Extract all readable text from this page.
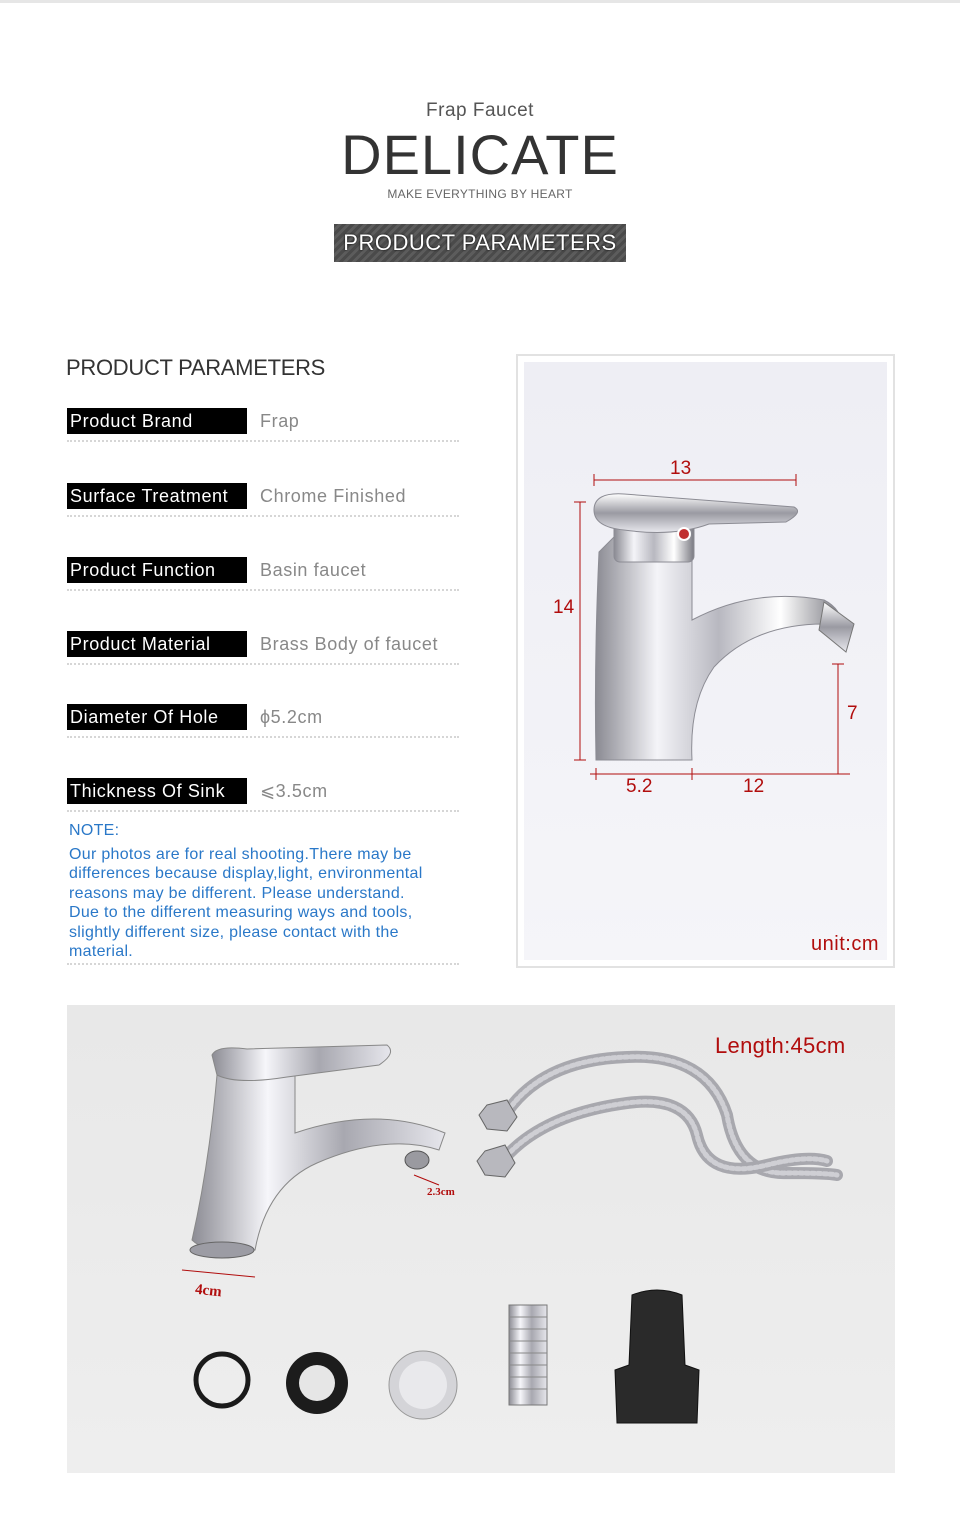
Frap Faucet
DELICATE
MAKE EVERYTHING BY HEART
PRODUCT PARAMETERS
PRODUCT PARAMETERS
Product Brand	Frap
Surface Treatment	Chrome Finished
Product Function	Basin faucet
Product Material	Brass Body of faucet
Diameter Of Hole	ϕ5.2cm
Thickness Of Sink	⩽3.5cm
NOTE:
Our photos are for real shooting.There may be
differences because display,light, environmental
reasons may be different. Please understand.
Due to the different measuring ways and tools,
slightly different size, please contact with the
material.
13
14
7
5.2	12
unit:cm
Length:45cm
2.3cm
4cm
